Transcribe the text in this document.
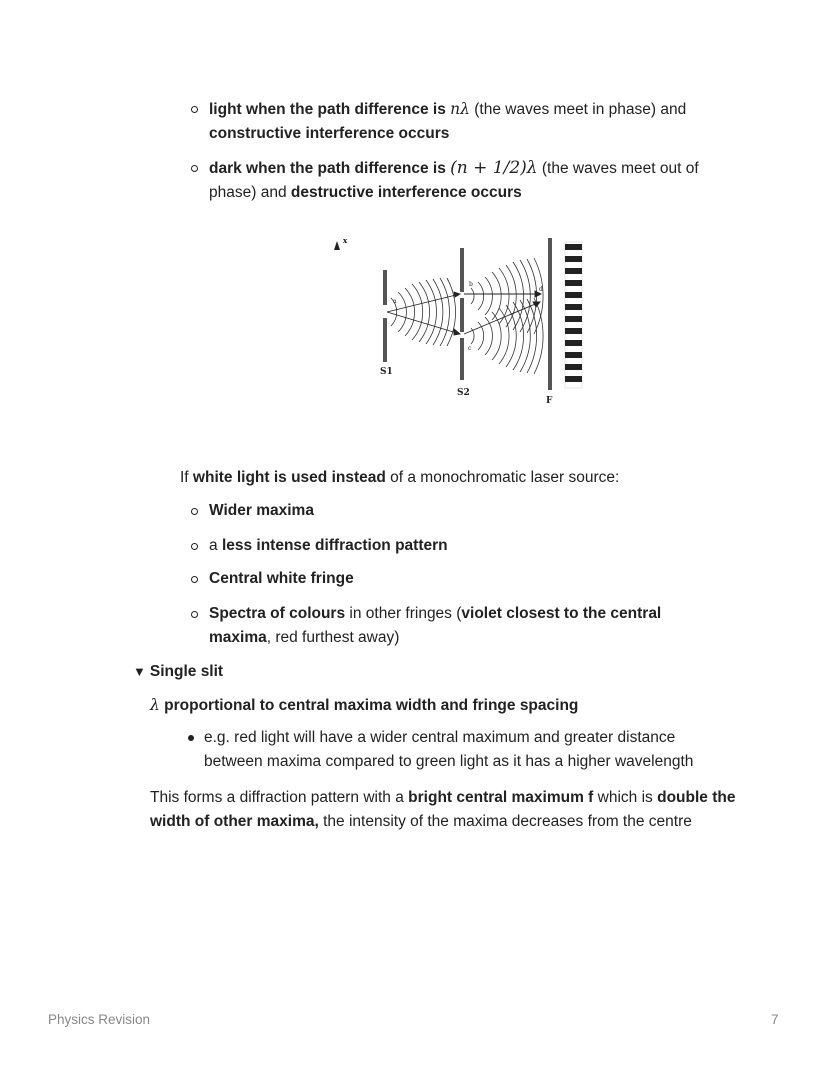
light when the path difference is nλ (the waves meet in phase) and constructive interference occurs
dark when the path difference is (n + 1/2)λ (the waves meet out of phase) and destructive interference occurs
x
a
b
c
d
S1
S2
F
If white light is used instead of a monochromatic laser source:
Wider maxima
a less intense diffraction pattern
Central white fringe
Spectra of colours in other fringes (violet closest to the central maxima, red furthest away)
▼ Single slit
λ proportional to central maxima width and fringe spacing
e.g. red light will have a wider central maximum and greater distance between maxima compared to green light as it has a higher wavelength
This forms a diffraction pattern with a bright central maximum f which is double the width of other maxima, the intensity of the maxima decreases from the centre
Physics Revision	7
